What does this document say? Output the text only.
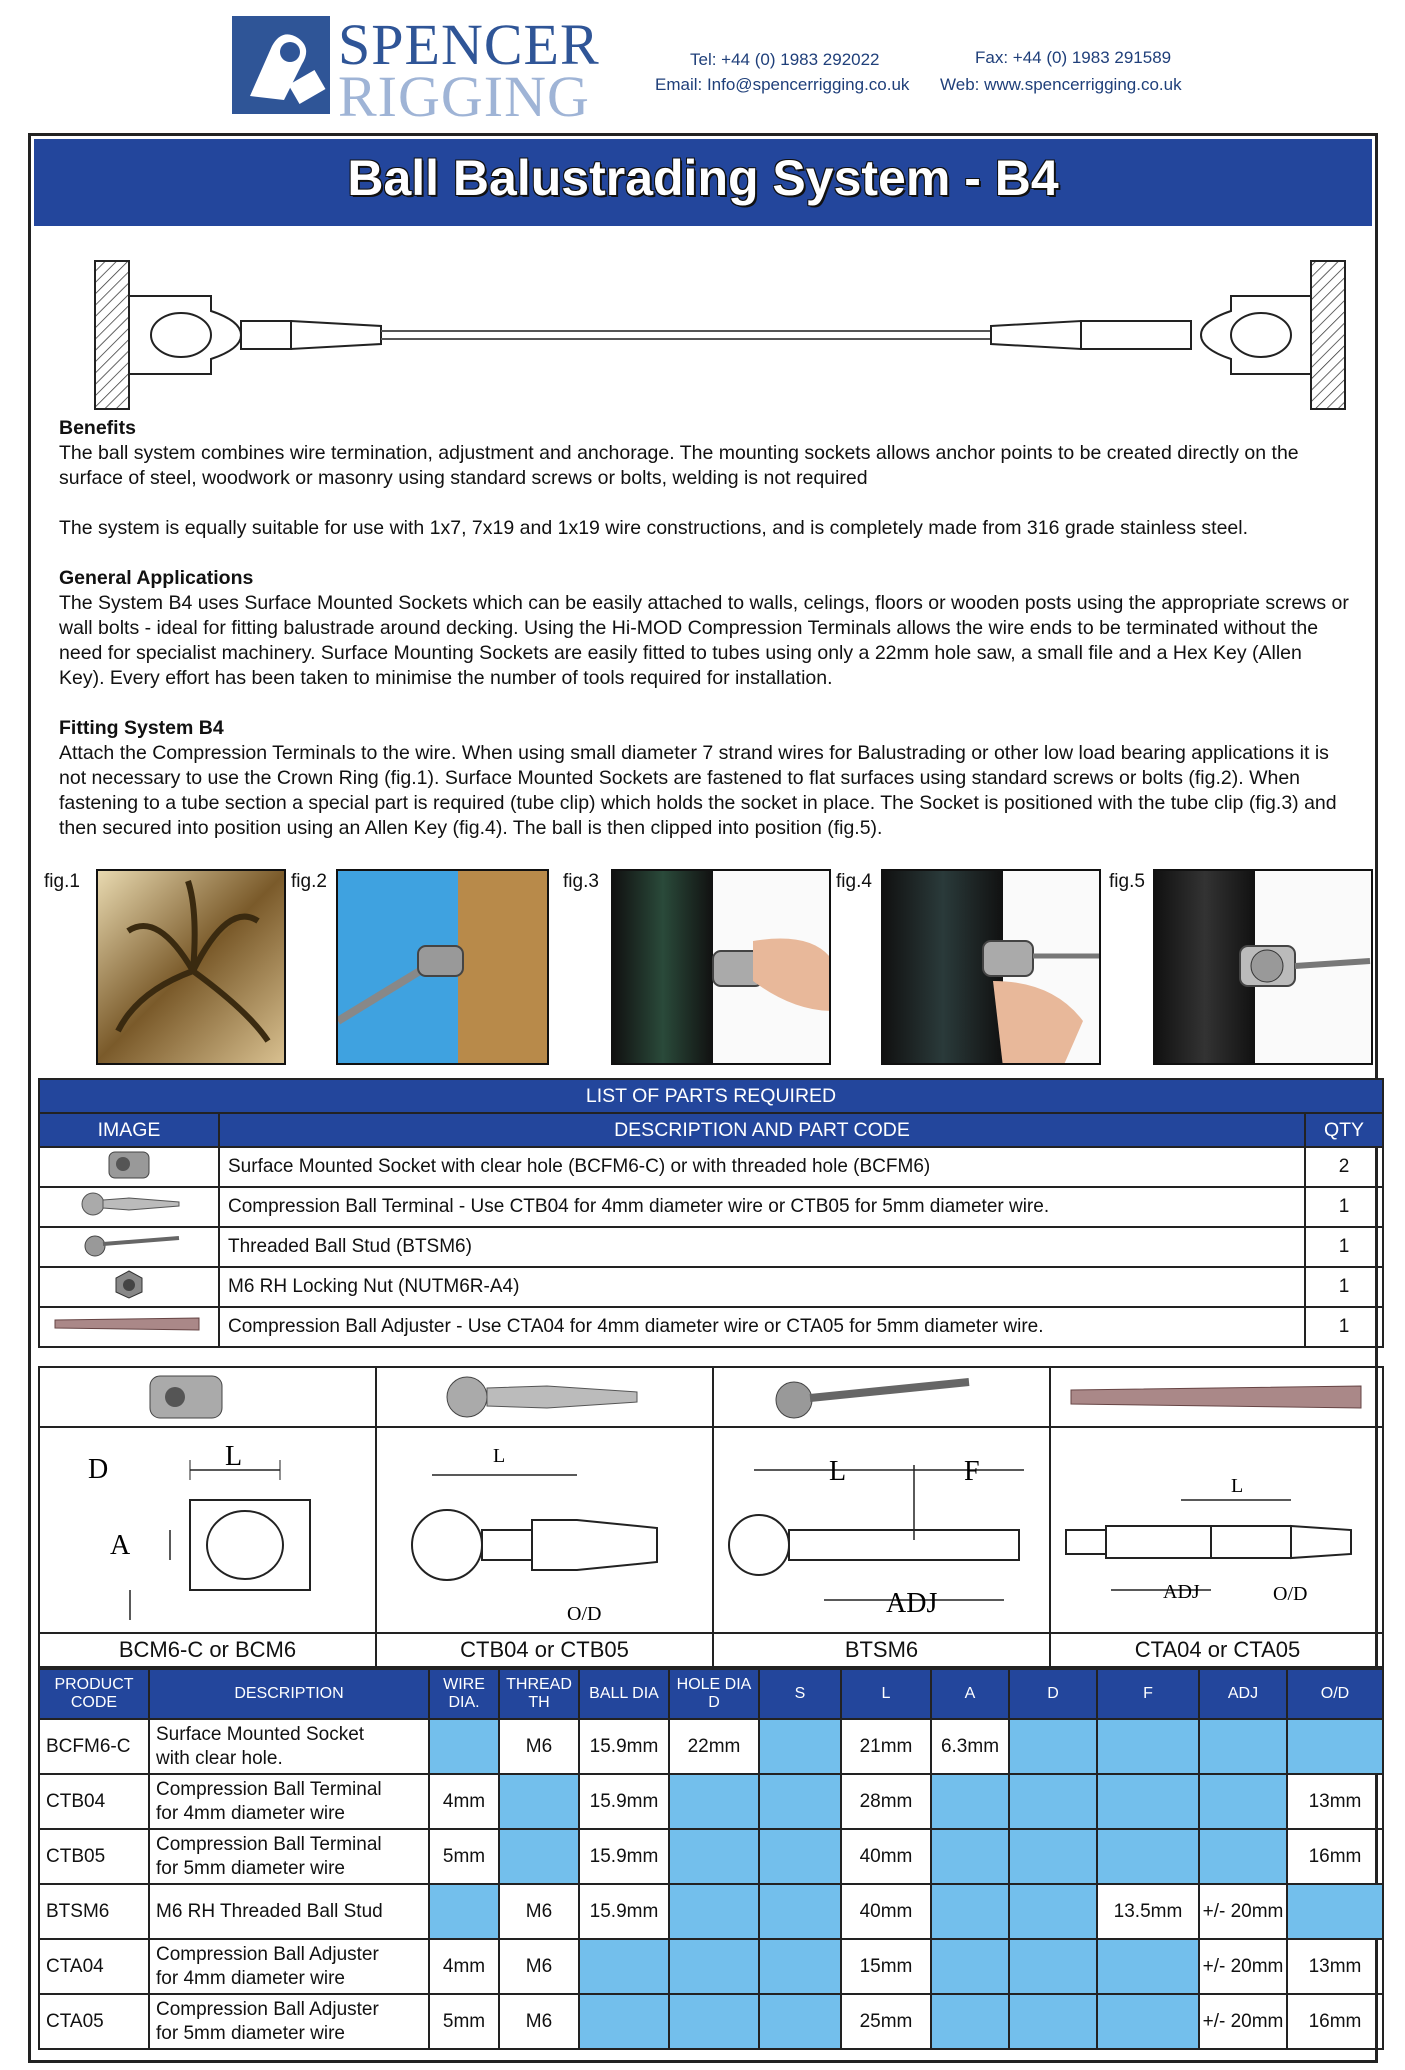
SPENCER
RIGGING
Tel: +44 (0) 1983 292022	Fax: +44 (0) 1983 291589
Email: Info@spencerrigging.co.uk Web: www.spencerrigging.co.uk
Ball Balustrading System - B4
Benefits

The ball system combines wire termination, adjustment and anchorage. The mounting sockets allows anchor points to be created directly on the surface of steel, woodwork or masonry using standard screws or bolts, welding is not required

The system is equally suitable for use with 1x7, 7x19 and 1x19 wire constructions, and is completely made from 316 grade stainless steel.

General Applications

The System B4 uses Surface Mounted Sockets which can be easily attached to walls, celings, floors or wooden posts using the appropriate screws or wall bolts - ideal for fitting balustrade around decking. Using the Hi-MOD Compression Terminals allows the wire ends to be terminated without the need for specialist machinery. Surface Mounting Sockets are easily fitted to tubes using only a 22mm hole saw, a small file and a Hex Key (Allen Key). Every effort has been taken to minimise the number of tools required for installation.

Fitting System B4

Attach the Compression Terminals to the wire. When using small diameter 7 strand wires for Balustrading or other low load bearing applications it is not necessary to use the Crown Ring (fig.1). Surface Mounted Sockets are fastened to flat surfaces using standard screws or bolts (fig.2). When fastening to a tube section a special part is required (tube clip) which holds the socket in place. The Socket is positioned with the tube clip (fig.3) and then secured into position using an Allen Key (fig.4). The ball is then clipped into position (fig.5).

fig.1	fig.2	fig.3	fig.4	fig.5
LIST OF PARTS REQUIRED		
IMAGE	DESCRIPTION AND PART CODE	QTY
	Surface Mounted Socket with clear hole (BCFM6-C) or with threaded hole (BCFM6)	2
	Compression Ball Terminal - Use CTB04 for 4mm diameter wire or CTB05 for 5mm diameter wire.	1
	Threaded Ball Stud (BTSM6)	1
	M6 RH Locking Nut (NUTM6R-A4)	1
	Compression Ball Adjuster - Use CTA04 for 4mm diameter wire or CTA05 for 5mm diameter wire.	1
D	L
A
BCM6-C or BCM6
L
O/D
CTB04 or CTB05
L	F
ADJ
BTSM6
L
ADJ	O/D
CTA04 or CTA05
PRODUCT CODE	DESCRIPTION	WIRE DIA.	THREAD TH	BALL DIA	HOLE DIA D	S	L	A	D	F	ADJ	O/D
BCFM6-C	Surface Mounted Socket
with clear hole.		M6	15.9mm	22mm		21mm	6.3mm				
CTB04	Compression Ball Terminal
for 4mm diameter wire	4mm		15.9mm			28mm					13mm
CTB05	Compression Ball Terminal
for 5mm diameter wire	5mm		15.9mm			40mm					16mm
BTSM6	M6 RH Threaded Ball Stud		M6	15.9mm			40mm			13.5mm	+/- 20mm	
CTA04	Compression Ball Adjuster
for 4mm diameter wire	4mm	M6				15mm				+/- 20mm	13mm
CTA05	Compression Ball Adjuster
for 5mm diameter wire	5mm	M6				25mm				+/- 20mm	16mm
